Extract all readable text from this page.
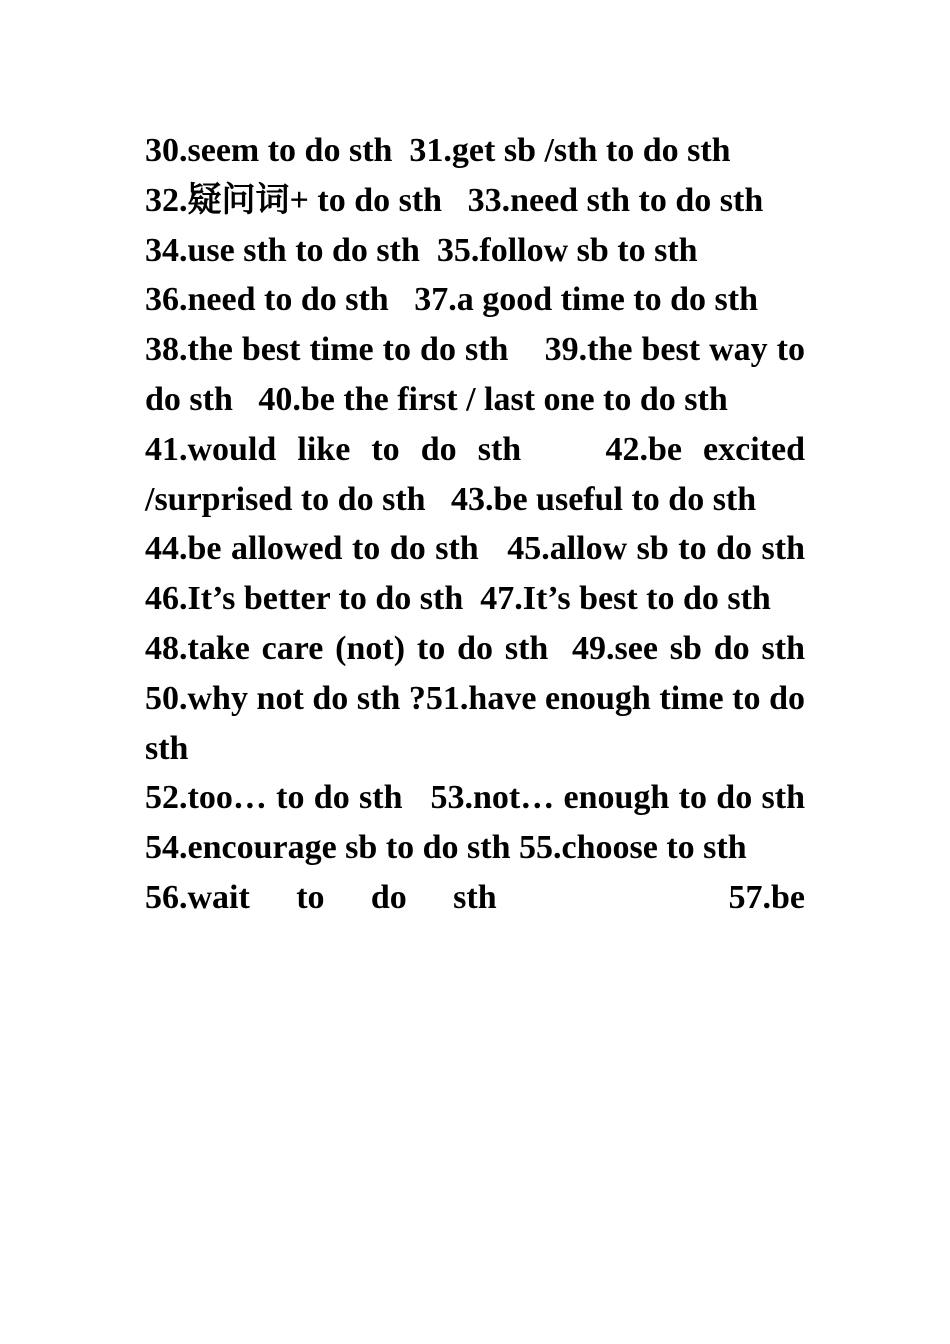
30.seem to do sth  31.get sb /sth to do sth

32.疑问词+ to do sth   33.need sth to do sth

34.use sth to do sth  35.follow sb to sth

36.need to do sth   37.a good time to do sth

38.the best time to do sth    39.the best way to do sth   40.be the first / last one to do sth

41.would like to do sth    42.be excited /surprised to do sth   43.be useful to do sth

44.be allowed to do sth   45.allow sb to do sth   46.It’s better to do sth  47.It’s best to do sth

48.take care (not) to do sth  49.see sb do sth  50.why not do sth ?51.have enough time to do sth

52.too… to do sth   53.not… enough to do sth    54.encourage sb to do sth 55.choose to sth

56.wait to do sth     57.be
